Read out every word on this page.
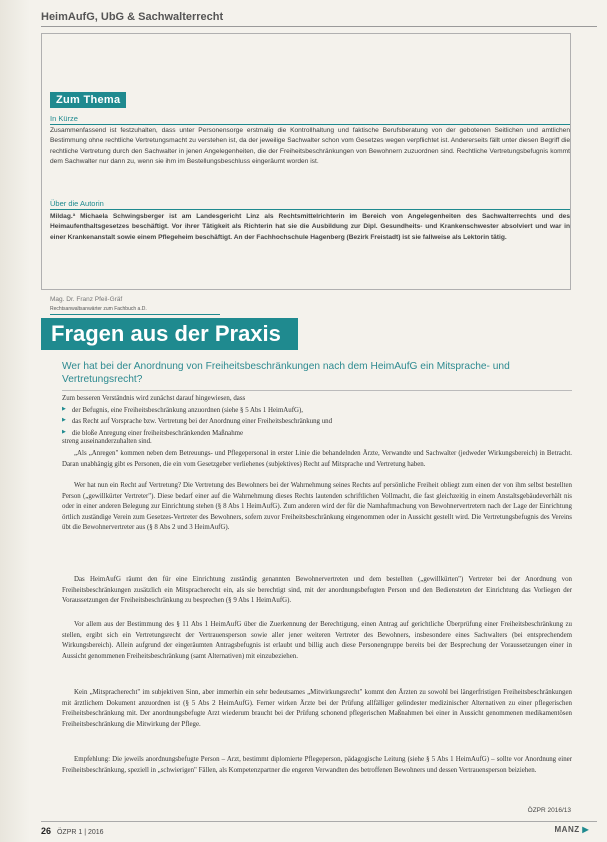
HeimAufG, UbG & Sachwalterrecht
Zum Thema
In Kürze

Zusammenfassend ist festzuhalten, dass unter Personensorge erstmalig die Kontrollhaltung und faktische Berufsberatung von der gebotenen Seitlichen und amtlichen Bestimmung ohne rechtliche Vertretungsmacht zu verstehen ist, da der jeweilige Sachwalter schon vom Gesetzes wegen verpflichtet ist. Andererseits fällt unter diesen Begriff die rechtliche Vertretung durch den Sachwalter in jenen Angelegenheiten, die der Freiheitsbeschränkungen von Bewohnern zuzuordnen sind. Rechtliche Vertretungsbefugnis kommt dem Sachwalter nur dann zu, wenn sie ihm im Bestellungsbeschluss eingeräumt worden ist.

Über die Autorin

Mildag.ª Michaela Schwingsberger ist am Landesgericht Linz als Rechtsmittelrichterin im Bereich von Angelegenheiten des Sachwalterrechts und des Heimaufenthaltsgesetzes beschäftigt. Vor ihrer Tätigkeit als Richterin hat sie die Ausbildung zur Dipl. Gesundheits- und Krankenschwester absolviert und war in einer Krankenanstalt sowie einem Pflegeheim beschäftigt. An der Fachhochschule Hagenberg (Bezirk Freistadt) ist sie fallweise als Lektorin tätig.

Mag. Dr. Franz Pfeil-Gräf
Rechtsanwaltsanwärter zum Fachbuch a.D.
Fragen aus der Praxis

Wer hat bei der Anordnung von Freiheitsbeschränkungen nach dem HeimAufG ein Mitsprache- und Vertretungsrecht?

Zum besseren Verständnis wird zunächst darauf hingewiesen, dass

▶ der Befugnis, eine Freiheitsbeschränkung anzuordnen (siehe § 5 Abs 1 HeimAufG),
▶ das Recht auf Vorsprache bzw. Vertretung bei der Anordnung einer Freiheitsbeschränkung und
▶ die bloße Anregung einer freiheitsbeschränkenden Maßnahme

streng auseinanderzuhalten sind.

„Als „Anregen" kommen neben dem Betreuungs- und Pflegepersonal in erster Linie die behandelnden Ärzte, Verwandte und Sachwalter (jedweder Wirkungsbereich) in Betracht. Daran unabhängig gibt es Personen, die ein vom Gesetzgeber verliehenes (subjektives) Recht auf Mitsprache und Vertretung haben.

Wer hat nun ein Recht auf Vertretung? Die Vertretung des Bewohners bei der Wahrnehmung seines Rechts auf persönliche Freiheit obliegt zum einen der von ihm selbst bestellten Person („gewillkürter Vertreter"). Diese bedarf einer auf die Wahrnehmung dieses Rechts lautenden schriftlichen Vollmacht, die fast gleichzeitig in einem Anstaltsgebäudeverhält nis oder in einer anderen Belegung zur Einrichtung stehen (§ 8 Abs 1 HeimAufG). Zum anderen wird der für die Namhaftmachung von Bewohnervertretern nach der Lage der Einrichtung örtlich zuständige Verein zum Gesetzes-Vertreter des Bewohners, sofern zuvor Freiheitsbeschränkung eingenommen oder in Aussicht gestellt wird. Die Vertretungsbefugnis des Vereins übt die Bewohnervertreter aus (§ 8 Abs 2 und 3 HeimAufG).

Das HeimAufG räumt den für eine Einrichtung zuständig genannten Bewohnervertreten und dem bestellten („gewillkürten") Vertreter bei der Anordnung von Freiheitsbeschränkungen zusätzlich ein Mitspracherecht ein, als sie berechtigt sind, mit der anordnungsbefugten Person und den Bediensteten der Einrichtung das Vorliegen der Voraussetzungen der Freiheitsbeschränkung zu besprechen (§ 9 Abs 1 HeimAufG).

Vor allem aus der Bestimmung des § 11 Abs 1 HeimAufG über die Zuerkennung der Berechtigung, einen Antrag auf gerichtliche Überprüfung einer Freiheitsbeschränkung zu stellen, ergibt sich ein Vertretungsrecht der Vertrauensperson sowie aller jener weiteren Vertreter des Bewohners, insbesondere eines Sachwalters (bei entsprechendem Wirkungsbereich). Allein aufgrund der eingeräumten Antragsbefugnis ist erlaubt und billig auch diese Personengruppe bereits bei der Besprechung der Voraussetzungen einer in Aussicht genommenen Freiheitsbeschränkung (samt Alternativen) mit einzubeziehen.

Kein „Mitspracherecht" im subjektiven Sinn, aber immerhin ein sehr bedeutsames „Mitwirkungsrecht" kommt den Ärzten zu sowohl bei längerfristigen Freiheitsbeschränkungen mit ärztlichem Dokument anzuordnen ist (§ 5 Abs 2 HeimAufG). Ferner wirken Ärzte bei der Prüfung allfälliger gelindester medizinischer Alternativen zu einer pflegerischen Freiheitsbeschränkung mit. Der anordnungsbefugte Arzt wiederum braucht bei der Prüfung schonend pflegerischen Maßnahmen bei einer in Aussicht genommenen medikamentösen Freiheitsbeschränkung die Mitwirkung der Pflege.

Empfehlung: Die jeweils anordnungsbefugte Person – Arzt, bestimmt diplomierte Pflegeperson, pädagogische Leitung (siehe § 5 Abs 1 HeimAufG) – sollte vor Anordnung einer Freiheitsbeschränkung, speziell in „schwierigen" Fällen, als Kompetenzpartner die engeren Verwandten des betroffenen Bewohners und dessen Vertrauensperson beiziehen.

ÖZPR 2016/13
26 ÖZPR 1 | 2016	MANZ ▶
